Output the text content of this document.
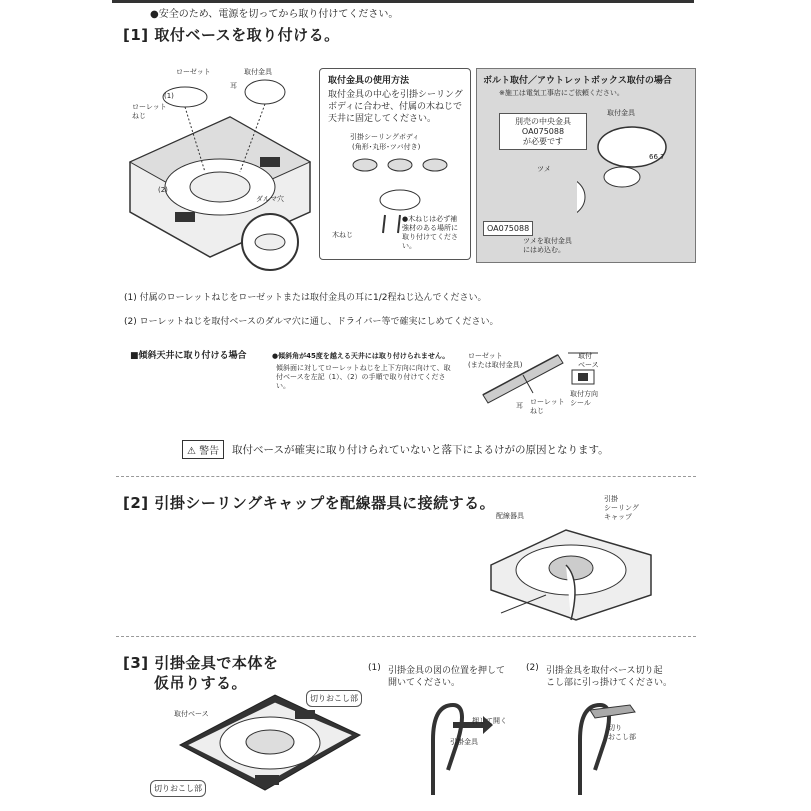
●安全のため、電源を切ってから取り付けてください。
[1] 取付ベースを取り付ける。
ローゼット	取付金具
耳
(1)
ローレット
ねじ
(2)
ダルマ穴
取付金具の使用方法
取付金具の中心を引掛シーリングボディに合わせ、付属の木ねじで天井に固定してください。
引掛シーリングボディ
(角形･丸形･ツバ付き)
木ねじ
●木ねじは必ず補強材のある場所に取り付けてください。
ボルト取付／アウトレットボックス取付の場合
※施工は電気工事店にご依頼ください。
取付金具
別売の中央金具
OA075088
が必要です
66.7
ツメ
OA075088
ツメを取付金具
にはめ込む。
(1) 付属のローレットねじをローゼットまたは取付金具の耳に1/2程ねじ込んでください。
(2) ローレットねじを取付ベースのダルマ穴に通し、ドライバー等で確実にしめてください。
■傾斜天井に取り付ける場合	●傾斜角が45度を越える天井には取り付けられません。
傾斜面に対してローレットねじを上下方向に向けて、取付ベースを左記（1）、（2）の手順で取り付けてください。
ローゼット
(または取付金具)
取付
ベース
耳 ローレット
ねじ
取付方向
シール
⚠ 警告	取付ベースが確実に取り付けられていないと落下によるけがの原因となります。
[2] 引掛シーリングキャップを配線器具に接続する。
配線器具
引掛
シーリング
キャップ
[3] 引掛金具で本体を
仮吊りする。
取付ベース
切りおこし部
切りおこし部
(1) 引掛金具の図の位置を押して
開いてください。
押して開く
引掛金具
(2) 引掛金具を取付ベース切り起
こし部に引っ掛けてください。
切り
おこし部
